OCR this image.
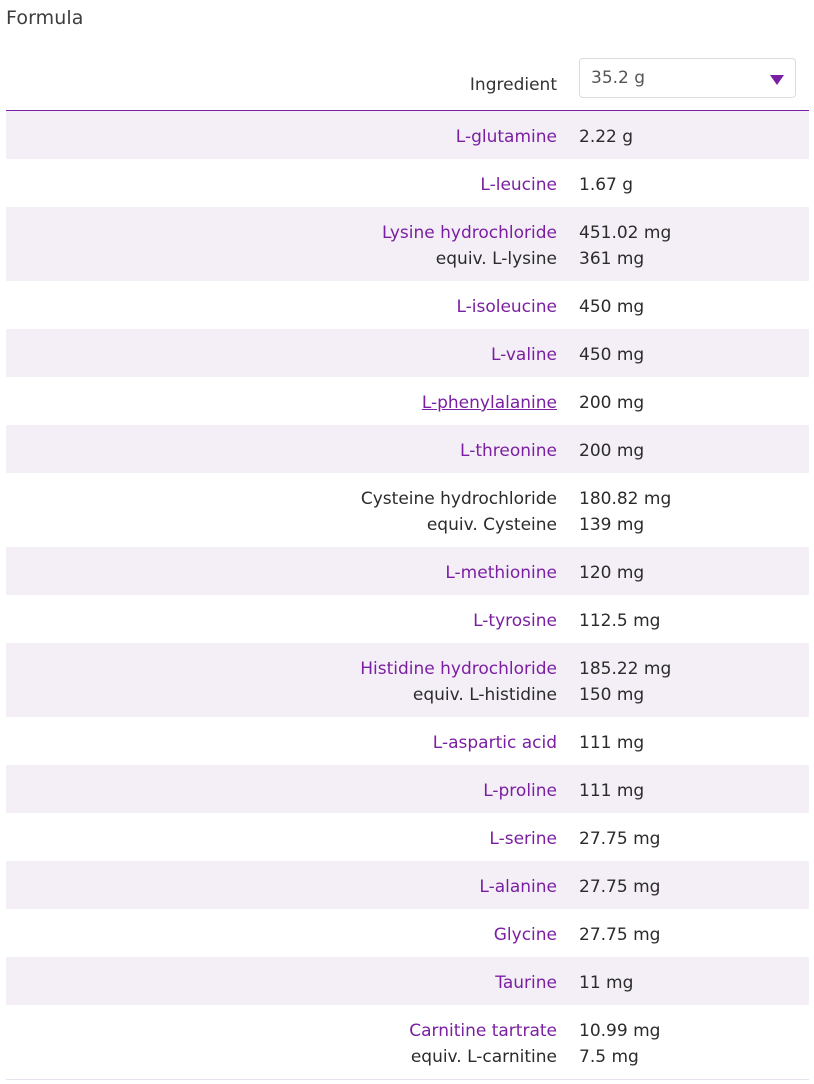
Formula
Ingredient 35.2 g
L-glutamine 2.22 g
L-leucine 1.67 g
Lysine hydrochloride
equiv. L-lysine
451.02 mg
361 mg
L-isoleucine 450 mg
L-valine 450 mg
L-phenylalanine 200 mg
L-threonine 200 mg
Cysteine hydrochloride
equiv. Cysteine
180.82 mg
139 mg
L-methionine 120 mg
L-tyrosine 112.5 mg
Histidine hydrochloride
equiv. L-histidine
185.22 mg
150 mg
L-aspartic acid 111 mg
L-proline 111 mg
L-serine 27.75 mg
L-alanine 27.75 mg
Glycine 27.75 mg
Taurine 11 mg
Carnitine tartrate
equiv. L-carnitine
10.99 mg
7.5 mg
